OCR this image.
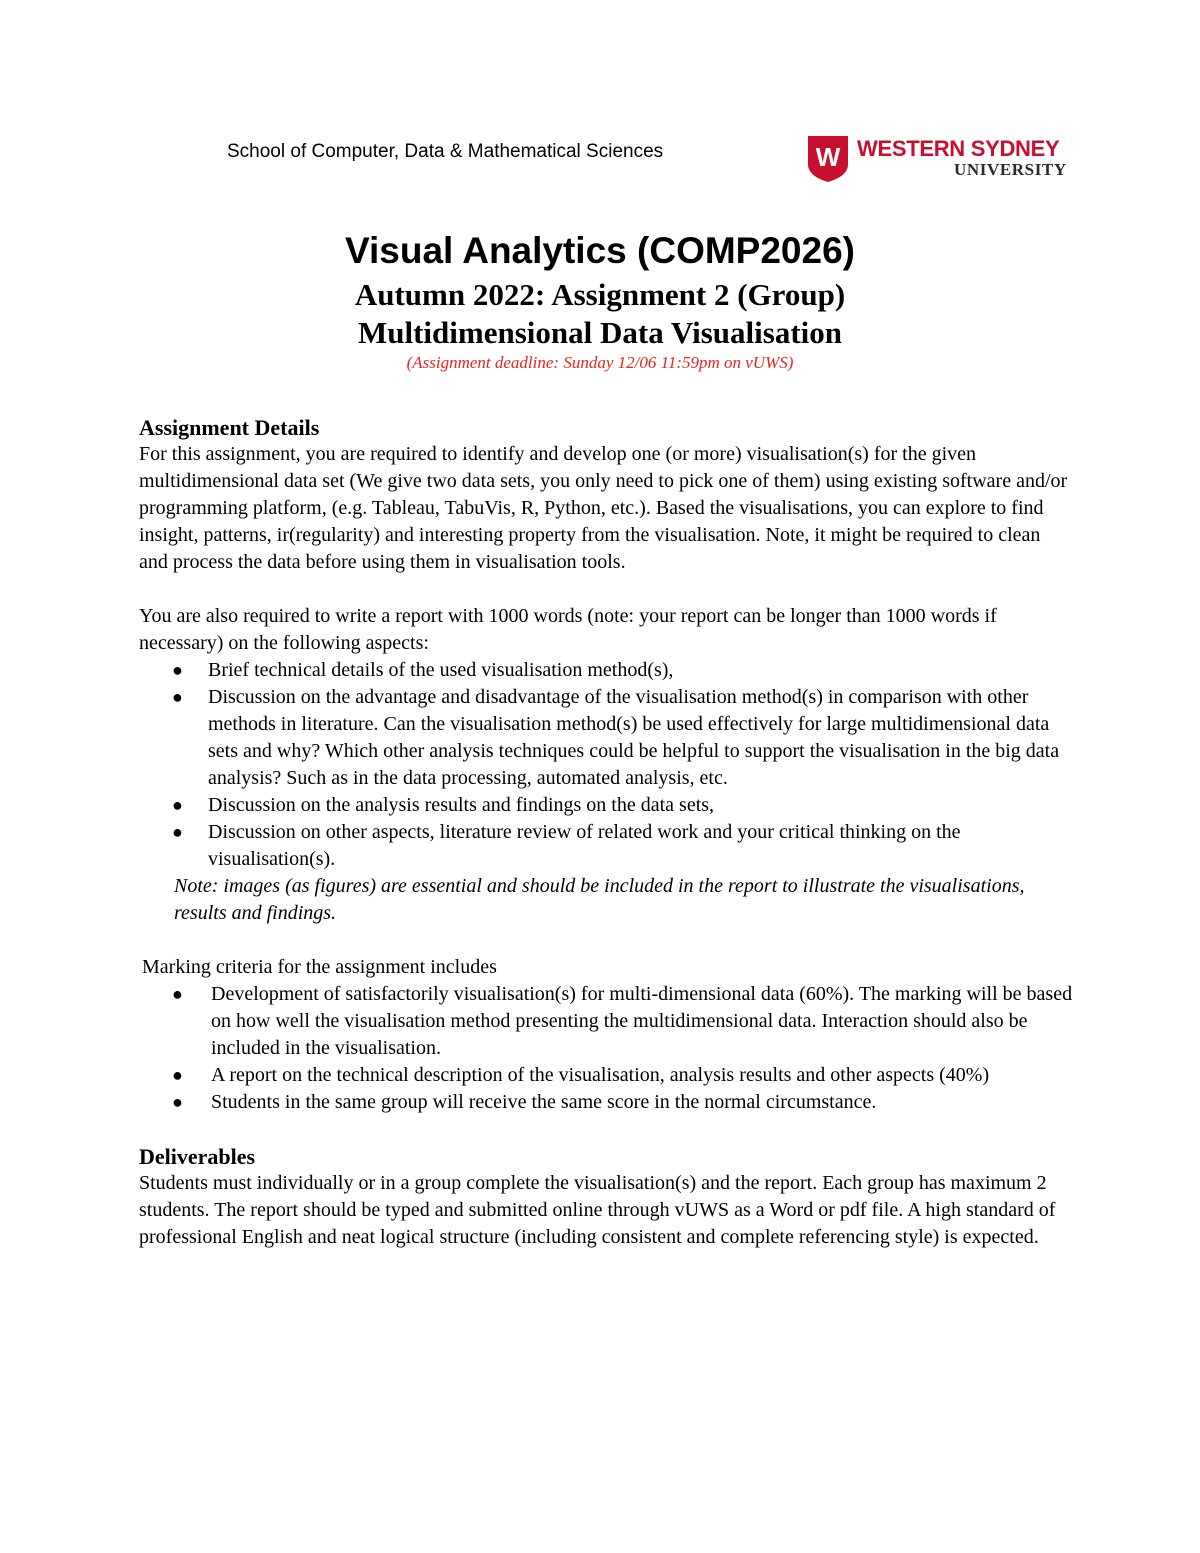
School of Computer, Data & Mathematical Sciences	W WESTERN SYDNEY
UNIVERSITY
Visual Analytics (COMP2026)
Autumn 2022: Assignment 2 (Group)
Multidimensional Data Visualisation
(Assignment deadline: Sunday 12/06 11:59pm on vUWS)
Assignment Details

For this assignment, you are required to identify and develop one (or more) visualisation(s) for the given multidimensional data set (We give two data sets, you only need to pick one of them) using existing software and/or programming platform, (e.g. Tableau, TabuVis, R, Python, etc.). Based the visualisations, you can explore to find insight, patterns, ir(regularity) and interesting property from the visualisation. Note, it might be required to clean and process the data before using them in visualisation tools.

You are also required to write a report with 1000 words (note: your report can be longer than 1000 words if necessary) on the following aspects:

● Brief technical details of the used visualisation method(s),
● Discussion on the advantage and disadvantage of the visualisation method(s) in comparison with other methods in literature. Can the visualisation method(s) be used effectively for large multidimensional data sets and why? Which other analysis techniques could be helpful to support the visualisation in the big data analysis? Such as in the data processing, automated analysis, etc.
● Discussion on the analysis results and findings on the data sets,
● Discussion on other aspects, literature review of related work and your critical thinking on the visualisation(s).

Note: images (as figures) are essential and should be included in the report to illustrate the visualisations, results and findings.

Marking criteria for the assignment includes

● Development of satisfactorily visualisation(s) for multi-dimensional data (60%). The marking will be based on how well the visualisation method presenting the multidimensional data. Interaction should also be included in the visualisation.
● A report on the technical description of the visualisation, analysis results and other aspects (40%)
● Students in the same group will receive the same score in the normal circumstance.
Deliverables

Students must individually or in a group complete the visualisation(s) and the report. Each group has maximum 2 students. The report should be typed and submitted online through vUWS as a Word or pdf file. A high standard of professional English and neat logical structure (including consistent and complete referencing style) is expected.
